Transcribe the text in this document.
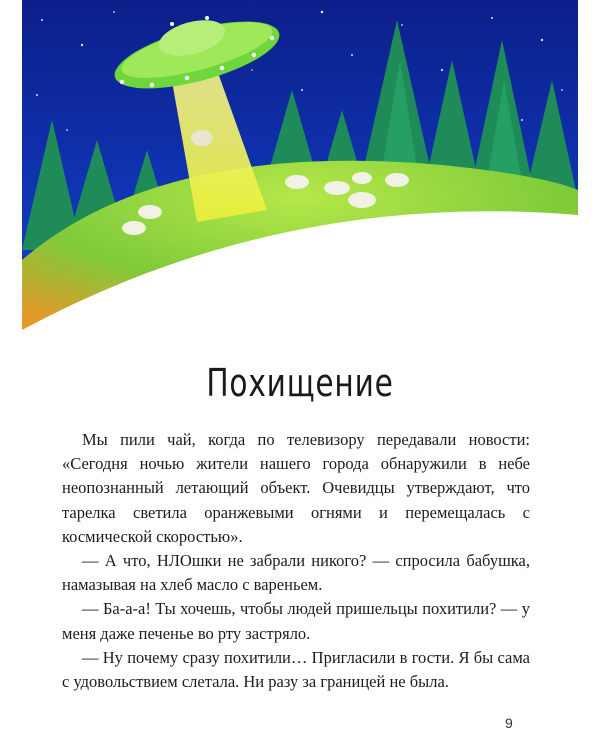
Похищение

Мы пили чай, когда по телевизору передавали новости: «Сегодня ночью жители нашего города обнаружили в небе неопознанный летающий объект. Очевидцы утверждают, что тарелка светила оранжевыми огнями и перемещалась с космической скоростью».

— А что, НЛОшки не забрали никого? — спросила бабушка, намазывая на хлеб масло с вареньем.

— Ба-а-а! Ты хочешь, чтобы людей пришельцы похитили? — у меня даже печенье во рту застряло.

— Ну почему сразу похитили… Пригласили в гости. Я бы сама с удовольствием слетала. Ни разу за границей не была.

9
